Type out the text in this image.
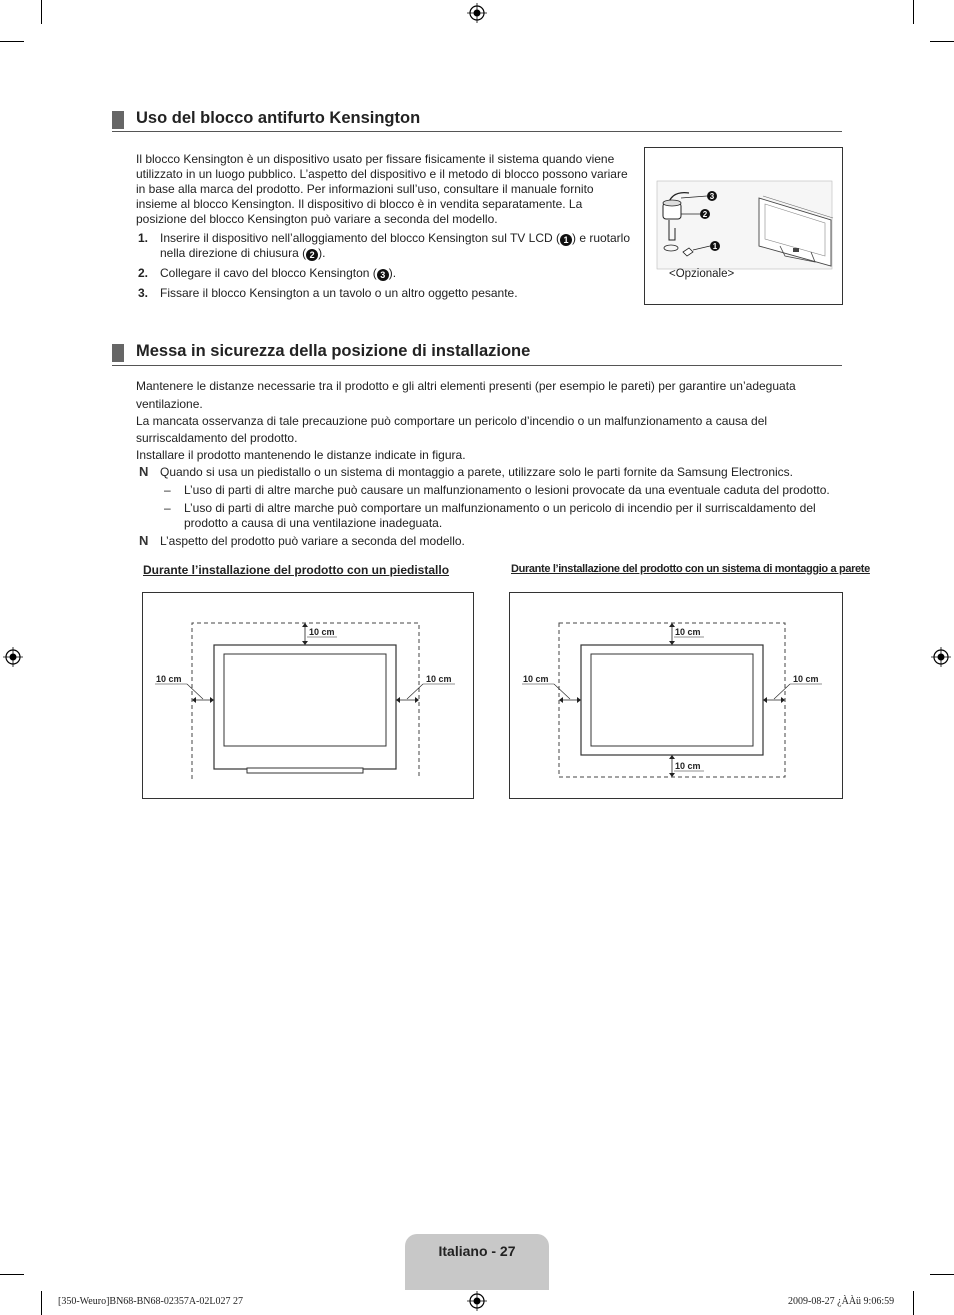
Uso del blocco antifurto Kensington
Il blocco Kensington è un dispositivo usato per fissare fisicamente il sistema quando viene utilizzato in un luogo pubblico. L’aspetto del dispositivo e il metodo di blocco possono variare in base alla marca del prodotto. Per informazioni sull’uso, consultare il manuale fornito insieme al blocco Kensington. Il dispositivo di blocco è in vendita separatamente. La posizione del blocco Kensington può variare a seconda del modello.
1. Inserire il dispositivo nell’alloggiamento del blocco Kensington sul TV LCD ( 1 ) e ruotarlo nella direzione di chiusura ( 2 ).
2. Collegare il cavo del blocco Kensington ( 3 ).
3. Fissare il blocco Kensington a un tavolo o un altro oggetto pesante.
3
2
1
<Opzionale>
Messa in sicurezza della posizione di installazione
Mantenere le distanze necessarie tra il prodotto e gli altri elementi presenti (per esempio le pareti) per garantire un’adeguata ventilazione.
La mancata osservanza di tale precauzione può comportare un pericolo d’incendio o un malfunzionamento a causa del surriscaldamento del prodotto.
Installare il prodotto mantenendo le distanze indicate in figura.
N Quando si usa un piedistallo o un sistema di montaggio a parete, utilizzare solo le parti fornite da Samsung Electronics.
– L’uso di parti di altre marche può causare un malfunzionamento o lesioni provocate da una eventuale caduta del prodotto.
– L’uso di parti di altre marche può comportare un malfunzionamento o un pericolo di incendio per il surriscaldamento del prodotto a causa di una ventilazione inadeguata.
N L’aspetto del prodotto può variare a seconda del modello.
Durante l’installazione del prodotto con un piedistallo	Durante l’installazione del prodotto con un sistema di montaggio a parete
10 cm
10 cm	10 cm
10 cm
10 cm
10 cm	10 cm
Italiano - 27
[350-Weuro]BN68-BN68-02357A-02L027 27	2009-08-27 ¿ÀÀü 9:06:59
